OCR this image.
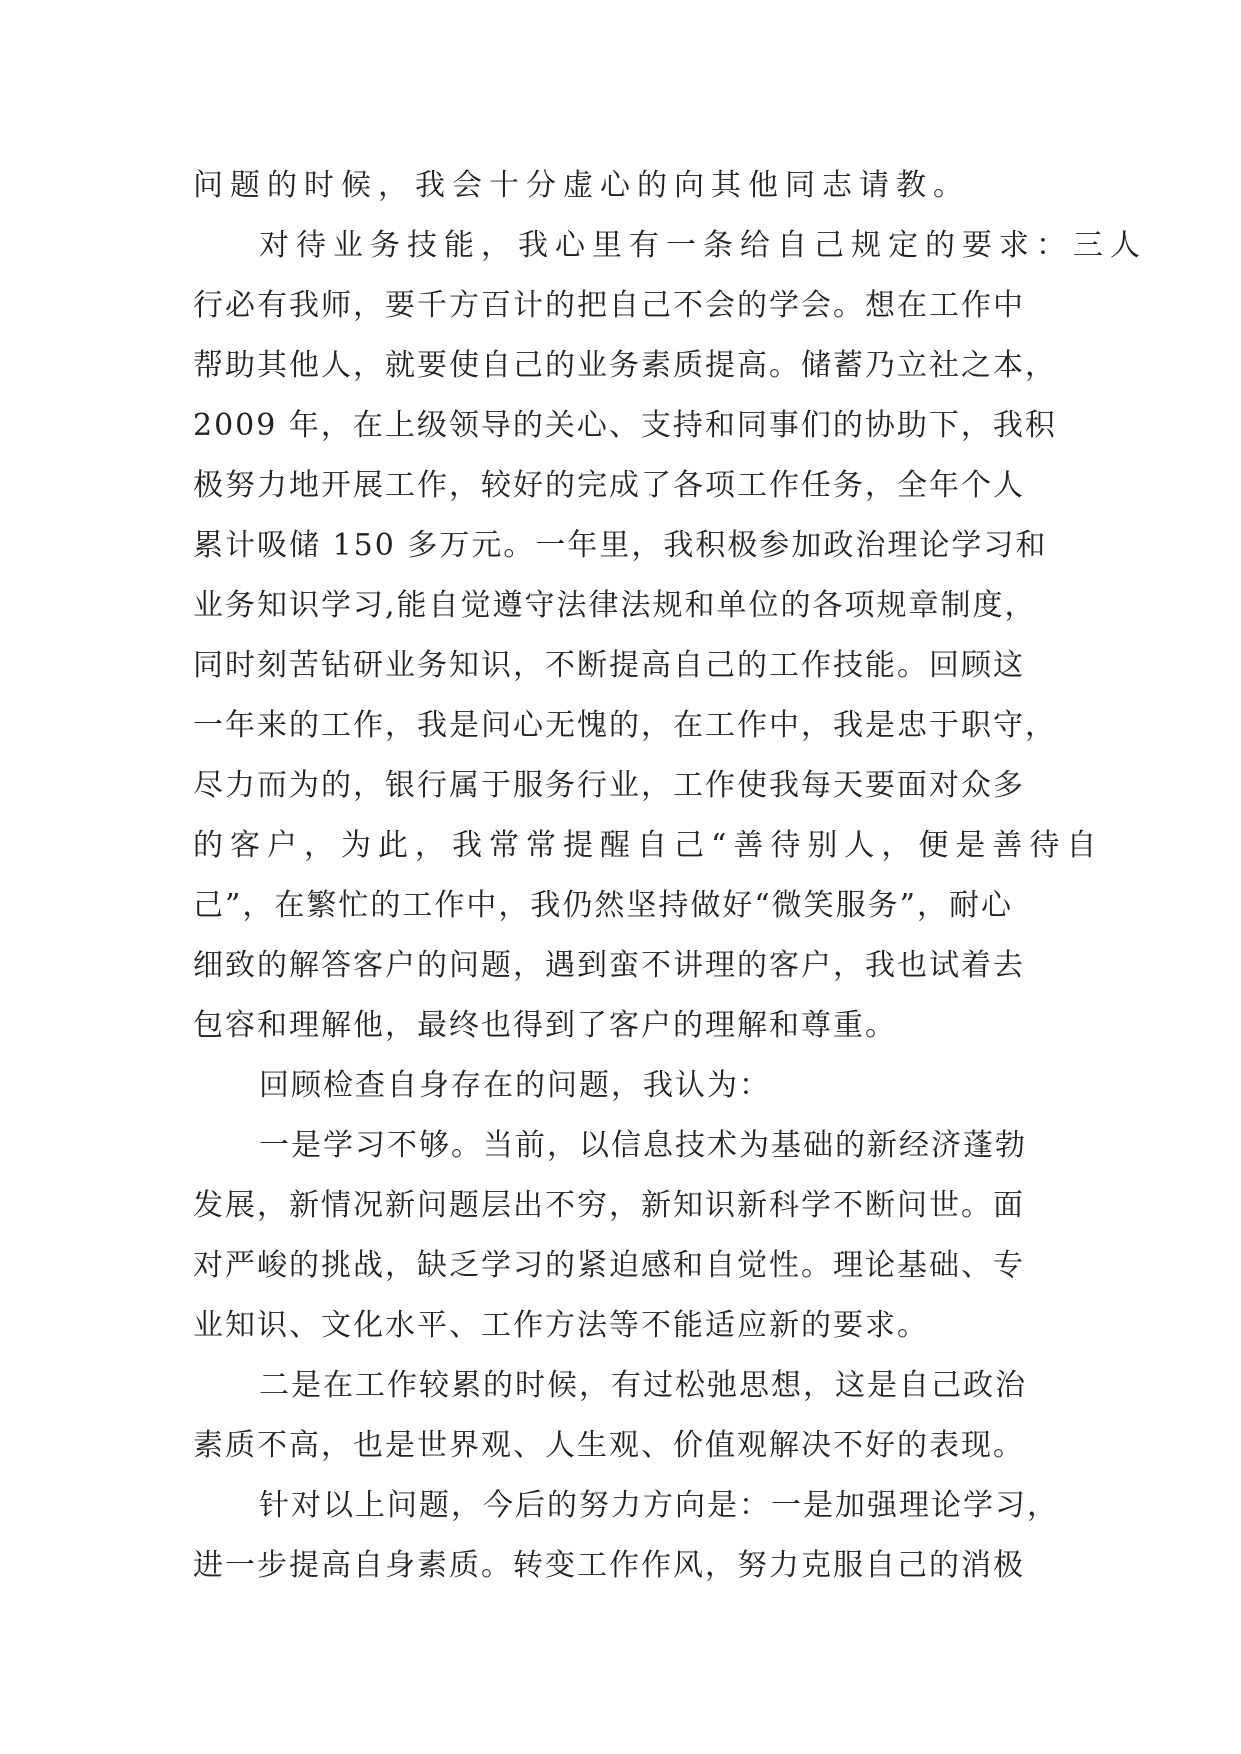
问题的时候，我会十分虚心的向其他同志请教。
对待业务技能，我心里有一条给自己规定的要求：三人
行必有我师，要千方百计的把自己不会的学会。想在工作中
帮助其他人，就要使自己的业务素质提高。储蓄乃立社之本，
2009 年，在上级领导的关心、支持和同事们的协助下，我积
极努力地开展工作，较好的完成了各项工作任务，全年个人
累计吸储 150 多万元。一年里，我积极参加政治理论学习和
业务知识学习,能自觉遵守法律法规和单位的各项规章制度，
同时刻苦钻研业务知识，不断提高自己的工作技能。回顾这
一年来的工作，我是问心无愧的，在工作中，我是忠于职守，
尽力而为的，银行属于服务行业，工作使我每天要面对众多
的客户，为此，我常常提醒自己“善待别人，便是善待自
己”，在繁忙的工作中，我仍然坚持做好“微笑服务”，耐心
细致的解答客户的问题，遇到蛮不讲理的客户，我也试着去
包容和理解他，最终也得到了客户的理解和尊重。
回顾检查自身存在的问题，我认为：
一是学习不够。当前，以信息技术为基础的新经济蓬勃
发展，新情况新问题层出不穷，新知识新科学不断问世。面
对严峻的挑战，缺乏学习的紧迫感和自觉性。理论基础、专
业知识、文化水平、工作方法等不能适应新的要求。
二是在工作较累的时候，有过松弛思想，这是自己政治
素质不高，也是世界观、人生观、价值观解决不好的表现。
针对以上问题，今后的努力方向是：一是加强理论学习，
进一步提高自身素质。转变工作作风，努力克服自己的消极
